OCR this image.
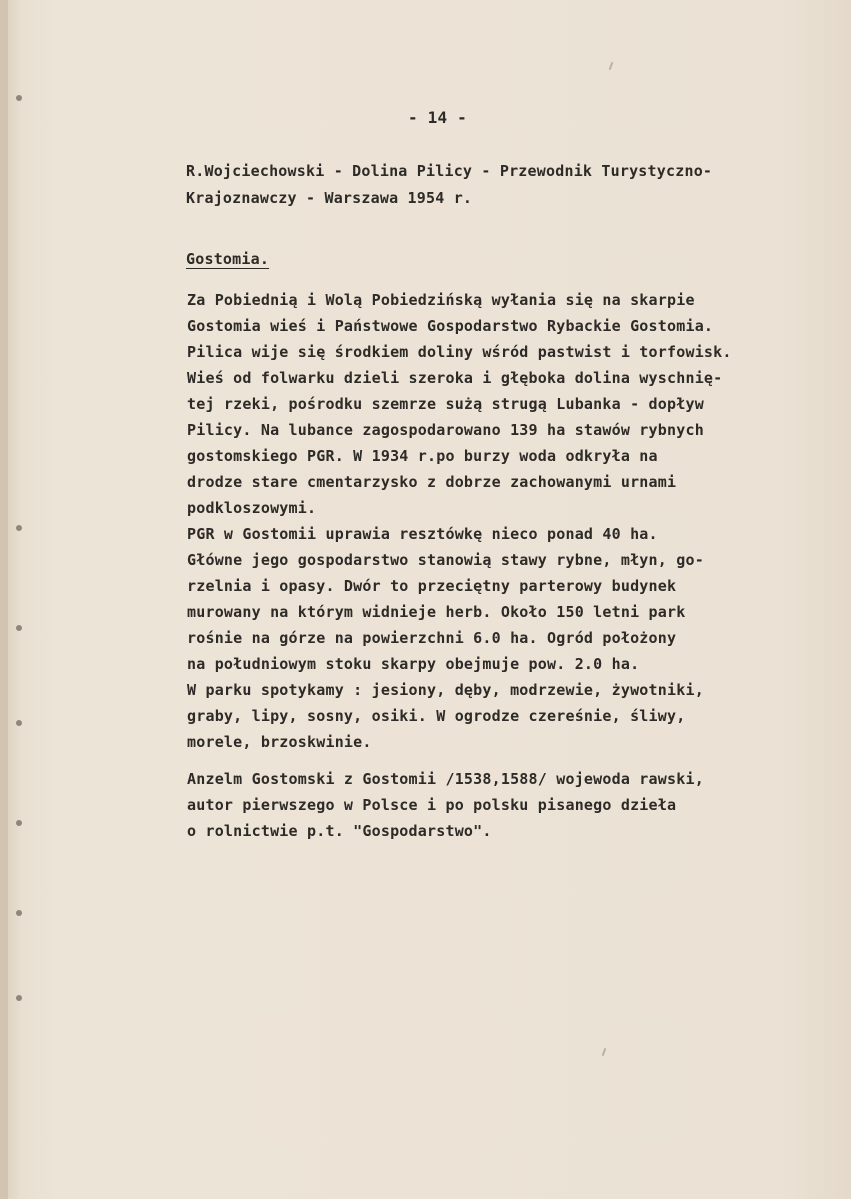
- 14 -

R.Wojciechowski - Dolina Pilicy - Przewodnik Turystyczno-

Krajoznawczy - Warszawa 1954 r.

Gostomia.

Za Pobiednią i Wolą Pobiedzińską wyłania się na skarpie

Gostomia wieś i Państwowe Gospodarstwo Rybackie Gostomia.

Pilica wije się środkiem doliny wśród pastwist i torfowisk.

Wieś od folwarku dzieli szeroka i głęboka dolina wyschnię-

tej rzeki, pośrodku szemrze sużą strugą Lubanka - dopływ

Pilicy. Na lubance zagospodarowano 139 ha stawów rybnych

gostomskiego PGR. W 1934 r.po burzy woda odkryła na

drodze stare cmentarzysko z dobrze zachowanymi urnami

podkloszowymi.

PGR w Gostomii uprawia resztówkę nieco ponad 40 ha.

Główne jego gospodarstwo stanowią stawy rybne, młyn, go-

rzelnia i opasy. Dwór to przeciętny parterowy budynek

murowany na którym widnieje herb. Około 150 letni park

rośnie na górze na powierzchni 6.0 ha. Ogród położony

na południowym stoku skarpy obejmuje pow. 2.0 ha.

W parku spotykamy : jesiony, dęby, modrzewie, żywotniki,

graby, lipy, sosny, osiki. W ogrodze czereśnie, śliwy,

morele, brzoskwinie.

Anzelm Gostomski z Gostomii /1538,1588/ wojewoda rawski,

autor pierwszego w Polsce i po polsku pisanego dzieła

o rolnictwie p.t. "Gospodarstwo".
